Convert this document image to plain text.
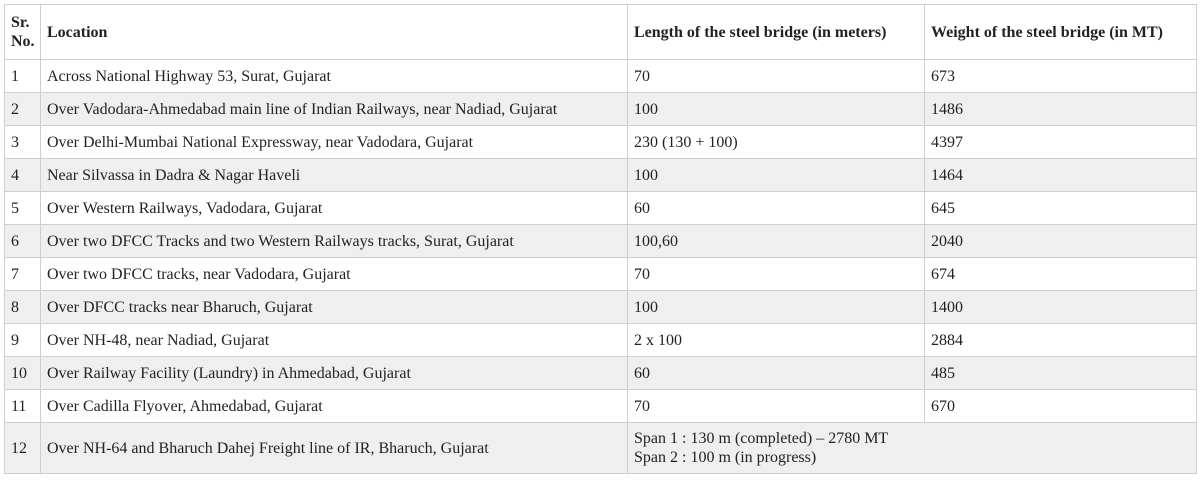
Sr.
No.	Location	Length of the steel bridge (in meters)	Weight of the steel bridge (in MT)
1	Across National Highway 53, Surat, Gujarat	70	673
2	Over Vadodara-Ahmedabad main line of Indian Railways, near Nadiad, Gujarat	100	1486
3	Over Delhi-Mumbai National Expressway, near Vadodara, Gujarat	230 (130 + 100)	4397
4	Near Silvassa in Dadra & Nagar Haveli	100	1464
5	Over Western Railways, Vadodara, Gujarat	60	645
6	Over two DFCC Tracks and two Western Railways tracks, Surat, Gujarat	100,60	2040
7	Over two DFCC tracks, near Vadodara, Gujarat	70	674
8	Over DFCC tracks near Bharuch, Gujarat	100	1400
9	Over NH-48, near Nadiad, Gujarat	2 x 100	2884
10	Over Railway Facility (Laundry) in Ahmedabad, Gujarat	60	485
11	Over Cadilla Flyover, Ahmedabad, Gujarat	70	670
12	Over NH-64 and Bharuch Dahej Freight line of IR, Bharuch, Gujarat	Span 1 : 130 m (completed) – 2780 MT
Span 2 : 100 m (in progress)	
